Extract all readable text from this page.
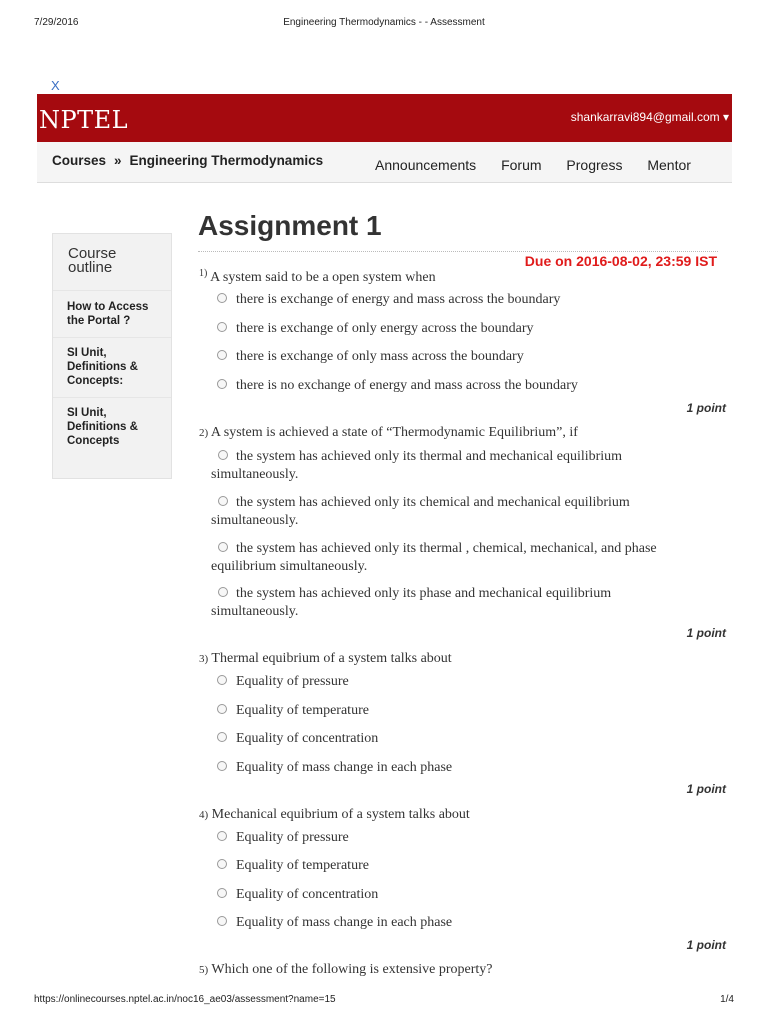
7/29/2016	Engineering Thermodynamics - - Assessment
X
NPTEL	shankarravi894@gmail.com ▾
Courses » Engineering Thermodynamics	Announcements Forum Progress Mentor
Course outline
How to Access the Portal ?
SI Unit, Definitions & Concepts:
SI Unit, Definitions & Concepts
Assignment 1
Due on 2016-08-02, 23:59 IST
$^{1)}$ A system said to be a open system when
there is exchange of energy and mass across the boundary
there is exchange of only energy across the boundary
there is exchange of only mass across the boundary
there is no exchange of energy and mass across the boundary
1 point
2) A system is achieved a state of “Thermodynamic Equilibrium”, if
the system has achieved only its thermal and mechanical equilibrium simultaneously.
the system has achieved only its chemical and mechanical equilibrium simultaneously.
the system has achieved only its thermal , chemical, mechanical, and phase equilibrium simultaneously.
the system has achieved only its phase and mechanical equilibrium simultaneously.
1 point
3) Thermal equibrium of a system talks about
Equality of pressure
Equality of temperature
Equality of concentration
Equality of mass change in each phase
1 point
4) Mechanical equibrium of a system talks about
Equality of pressure
Equality of temperature
Equality of concentration
Equality of mass change in each phase
1 point
5) Which one of the following is extensive property?
https://onlinecourses.nptel.ac.in/noc16_ae03/assessment?name=15	1/4
